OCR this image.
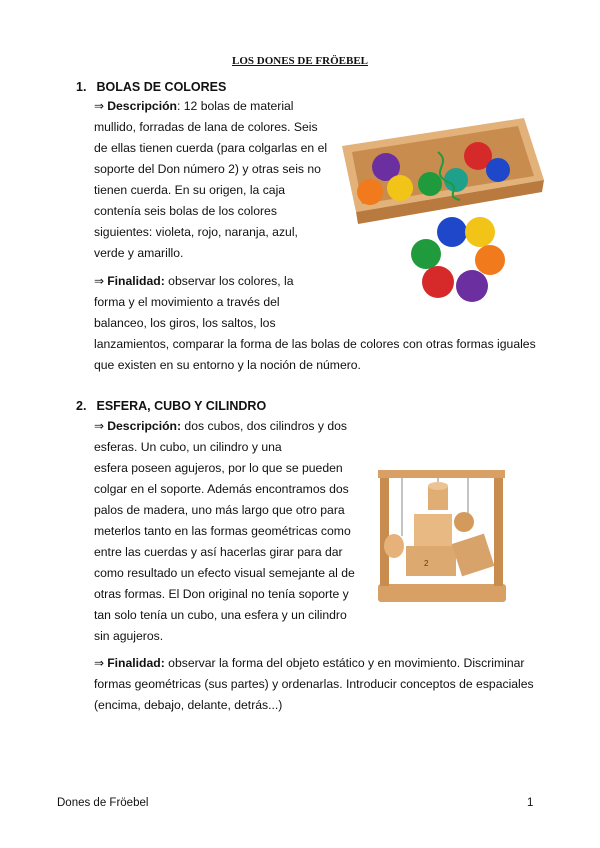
LOS DONES DE FRÖEBEL
1. BOLAS DE COLORES
⇒ Descripción: 12 bolas de material
mullido, forradas de lana de colores. Seis
de ellas tienen cuerda (para colgarlas en el
soporte del Don número 2) y otras seis no
tienen cuerda. En su origen, la caja
contenía seis bolas de los colores
siguientes: violeta, rojo, naranja, azul,
verde y amarillo.
⇒ Finalidad: observar los colores, la
forma y el movimiento a través del
balanceo, los giros, los saltos, los
lanzamientos, comparar la forma de las bolas de colores con otras formas iguales
que existen en su entorno y la noción de número.
2. ESFERA, CUBO Y CILINDRO
⇒ Descripción: dos cubos, dos cilindros y dos
esferas. Un cubo, un cilindro y una
esfera poseen agujeros, por lo que se pueden
colgar en el soporte. Además encontramos dos
palos de madera, uno más largo que otro para
meterlos tanto en las formas geométricas como
entre las cuerdas y así hacerlas girar para dar
como resultado un efecto visual semejante al de
otras formas. El Don original no tenía soporte y
tan solo tenía un cubo, una esfera y un cilindro
sin agujeros.
⇒ Finalidad: observar la forma del objeto estático y en movimiento. Discriminar
formas geométricas (sus partes) y ordenarlas. Introducir conceptos de espaciales
(encima, debajo, delante, detrás...)
2
Dones de Fröebel	1
